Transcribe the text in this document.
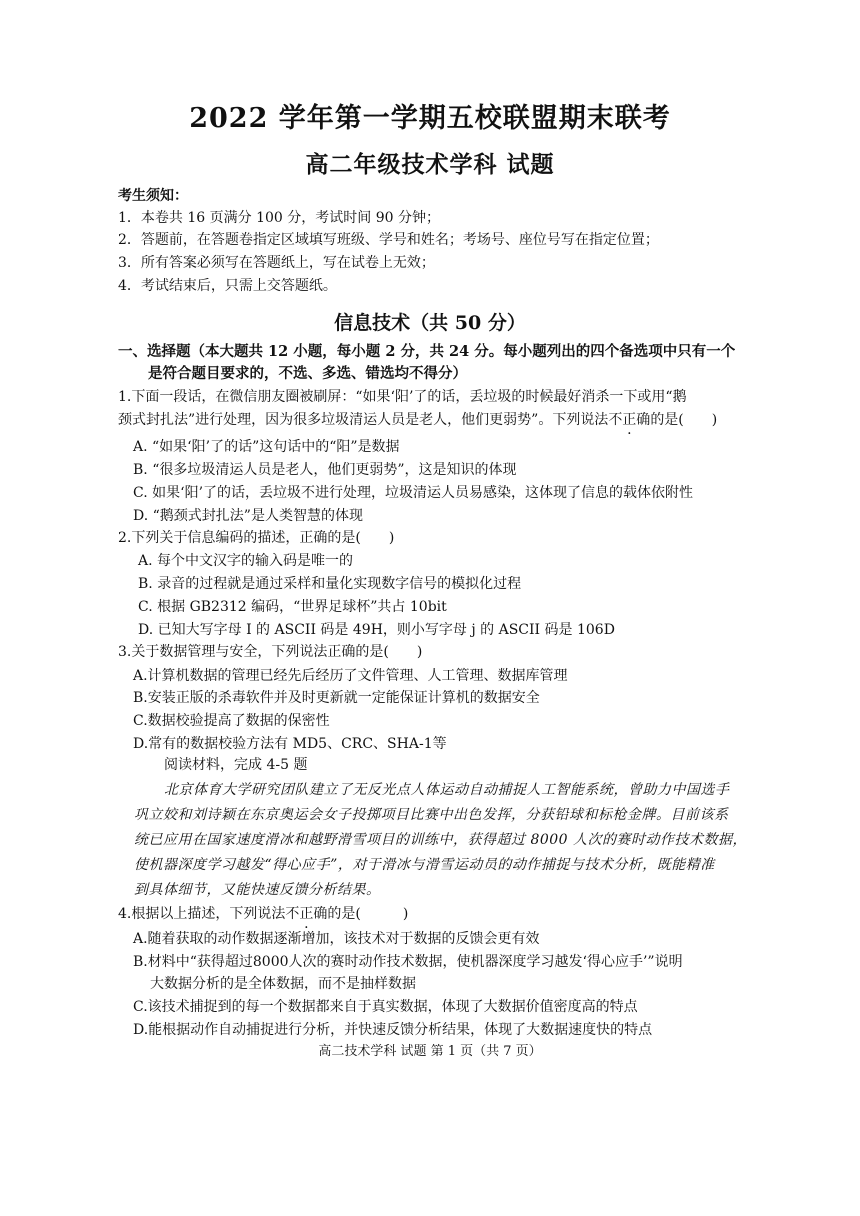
2022 学年第一学期五校联盟期末联考
高二年级技术学科 试题
考生须知：
1．本卷共 16 页满分 100 分，考试时间 90 分钟；
2．答题前，在答题卷指定区域填写班级、学号和姓名；考场号、座位号写在指定位置；
3．所有答案必须写在答题纸上，写在试卷上无效；
4．考试结束后，只需上交答题纸。
信息技术（共 50 分）
一、选择题（本大题共 12 小题，每小题 2 分，共 24 分。每小题列出的四个备选项中只有一个
是符合题目要求的，不选、多选、错选均不得分）
1.下面一段话，在微信朋友圈被刷屏：“如果‘阳’了的话，丢垃圾的时候最好消杀一下或用“鹅
颈式封扎法”进行处理，因为很多垃圾清运人员是老人，他们更弱势”。下列说法不正确的是(　　)
A. “如果‘阳’了的话”这句话中的“阳”是数据
B. “很多垃圾清运人员是老人，他们更弱势”，这是知识的体现
C. 如果‘阳’了的话，丢垃圾不进行处理，垃圾清运人员易感染，这体现了信息的载体依附性
D. “鹅颈式封扎法”是人类智慧的体现
2.下列关于信息编码的描述，正确的是(　　)
A. 每个中文汉字的输入码是唯一的
B. 录音的过程就是通过采样和量化实现数字信号的模拟化过程
C. 根据 GB2312 编码，“世界足球杯”共占 10bit
D. 已知大写字母 I 的 ASCII 码是 49H，则小写字母 j 的 ASCII 码是 106D
3.关于数据管理与安全，下列说法正确的是(　　)
A.计算机数据的管理已经先后经历了文件管理、人工管理、数据库管理
B.安装正版的杀毒软件并及时更新就一定能保证计算机的数据安全
C.数据校验提高了数据的保密性
D.常有的数据校验方法有 MD5、CRC、SHA-1等
阅读材料，完成 4-5 题
北京体育大学研究团队建立了无反光点人体运动自动捕捉人工智能系统，曾助力中国选手
巩立姣和刘诗颖在东京奥运会女子投掷项目比赛中出色发挥，分获铅球和标枪金牌。目前该系
统已应用在国家速度滑冰和越野滑雪项目的训练中，获得超过 8000 人次的赛时动作技术数据，
使机器深度学习越发“得心应手”，对于滑冰与滑雪运动员的动作捕捉与技术分析，既能精准
到具体细节，又能快速反馈分析结果。
4.根据以上描述，下列说法不正确的是(　　　)
A.随着获取的动作数据逐渐增加，该技术对于数据的反馈会更有效
B.材料中“获得超过8000人次的赛时动作技术数据，使机器深度学习越发‘得心应手’”说明
大数据分析的是全体数据，而不是抽样数据
C.该技术捕捉到的每一个数据都来自于真实数据，体现了大数据价值密度高的特点
D.能根据动作自动捕捉进行分析，并快速反馈分析结果，体现了大数据速度快的特点
高二技术学科 试题 第 1 页（共 7 页）
